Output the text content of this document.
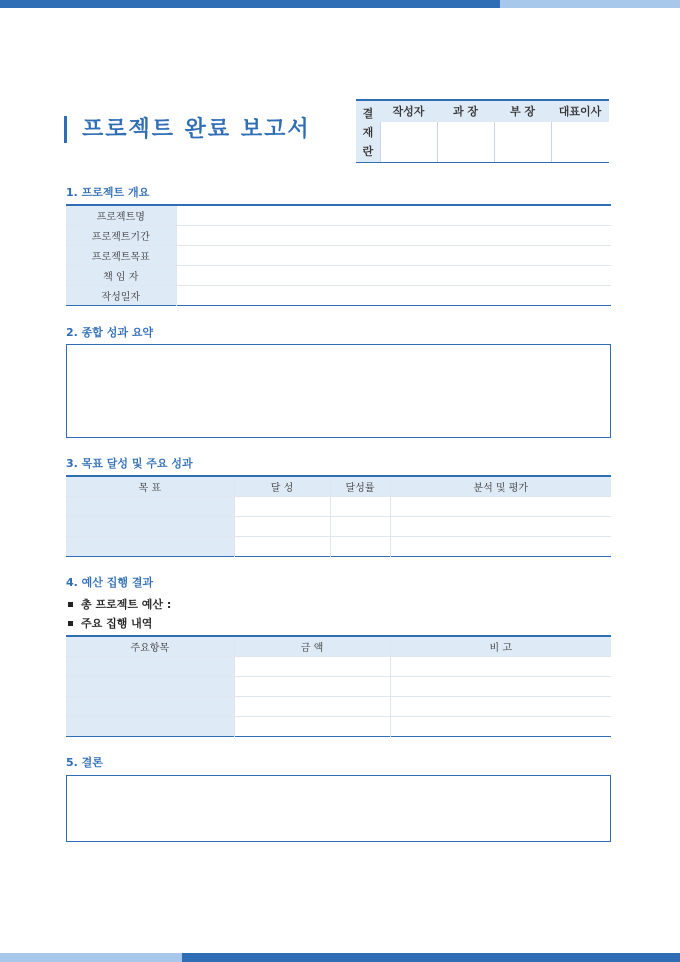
프로젝트 완료 보고서
결
재
란
작성자	과 장	부 장	대표이사
1. 프로젝트 개요
프로젝트명	
프로젝트기간	
프로젝트목표	
책 임 자	
작성일자	
2. 종합 성과 요약
3. 목표 달성 및 주요 성과
목 표	달 성	달성률	분석 및 평가

4. 예산 집행 결과
총 프로젝트 예산 :
주요 집행 내역
주요항목	금 액	비 고

5. 결론
